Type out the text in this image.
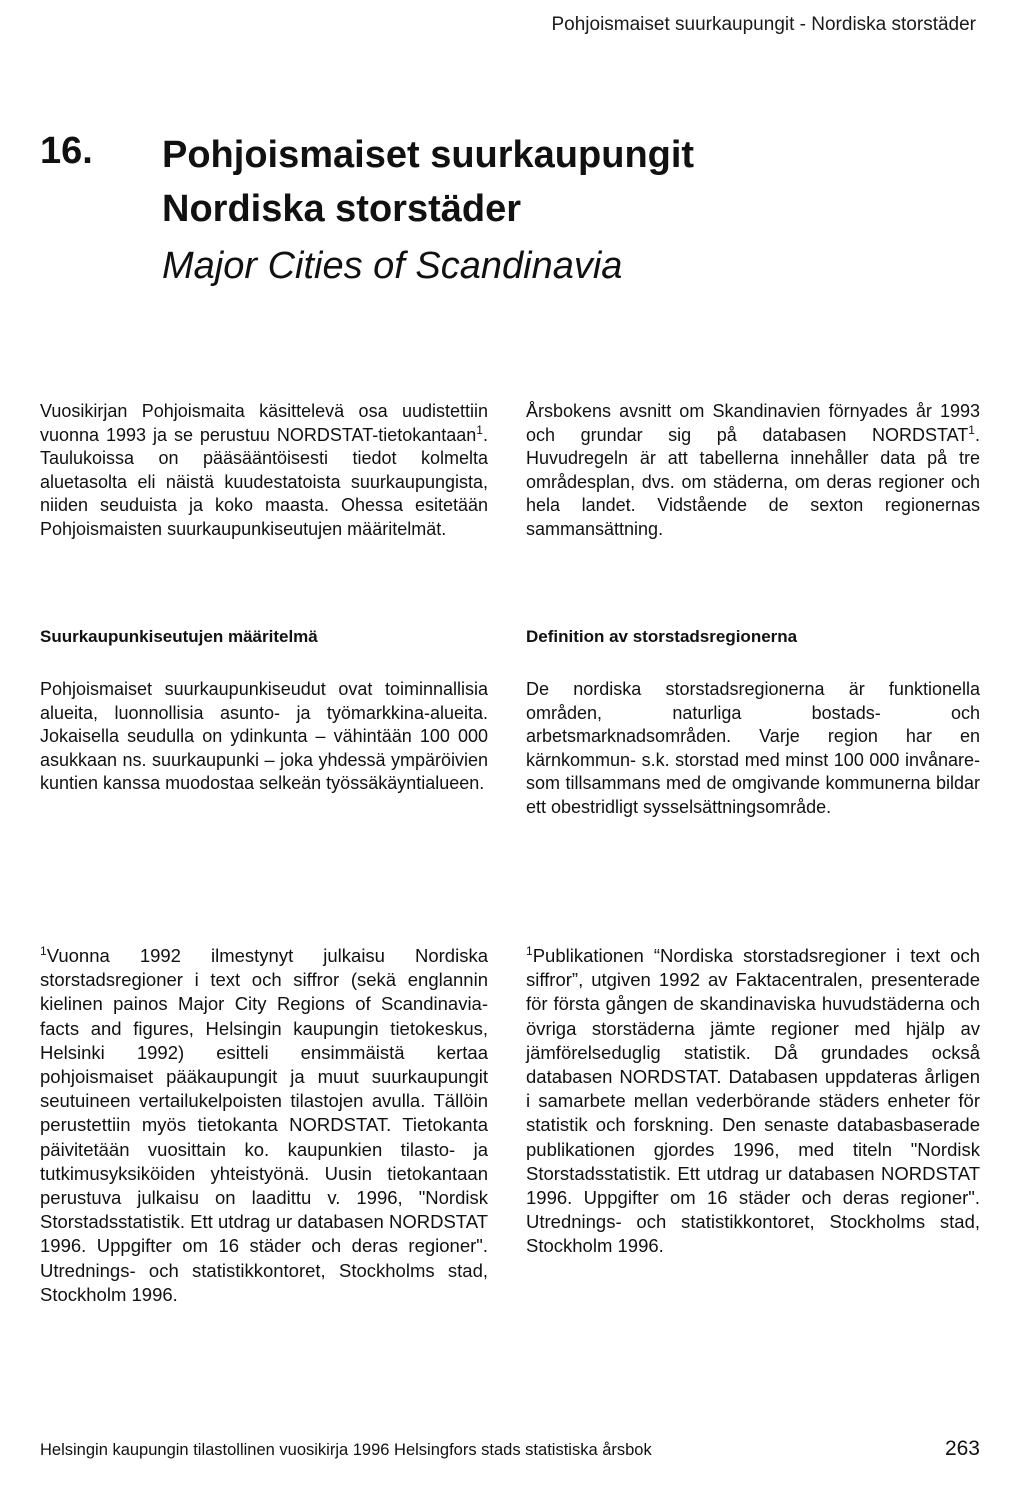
Pohjoismaiset suurkaupungit - Nordiska storstäder
16. Pohjoismaiset suurkaupungit
Nordiska storstäder
Major Cities of Scandinavia

Vuosikirjan Pohjoismaita käsittelevä osa uudistettiin vuonna 1993 ja se perustuu NORDSTAT-tietokantaan$^1$. Taulukoissa on pääsääntöisesti tiedot kolmelta aluetasolta eli näistä kuudestatoista suurkaupungista, niiden seuduista ja koko maasta. Ohessa esitetään Pohjoismaisten suurkaupunkiseutujen määritelmät.

Årsbokens avsnitt om Skandinavien förnyades år 1993 och grundar sig på databasen NORDSTAT$^1$. Huvudregeln är att tabellerna innehåller data på tre områdesplan, dvs. om städerna, om deras regioner och hela landet. Vidstående de sexton regionernas sammansättning.

Suurkaupunkiseutujen määritelmä

Pohjoismaiset suurkaupunkiseudut ovat toiminnallisia alueita, luonnollisia asunto- ja työmarkkina-alueita. Jokaisella seudulla on ydinkunta – vähintään 100 000 asukkaan ns. suurkaupunki – joka yhdessä ympäröivien kuntien kanssa muodostaa selkeän työssäkäyntialueen.

Definition av storstadsregionerna

De nordiska storstadsregionerna är funktionella områden, naturliga bostads- och arbetsmarknadsområden. Varje region har en kärnkommun- s.k. storstad med minst 100 000 invånare-som tillsammans med de omgivande kommunerna bildar ett obestridligt sysselsättningsområde.

$^1$Vuonna 1992 ilmestynyt julkaisu Nordiska storstadsregioner i text och siffror (sekä englannin kielinen painos Major City Regions of Scandinavia-facts and figures, Helsingin kaupungin tietokeskus, Helsinki 1992) esitteli ensimmäistä kertaa pohjoismaiset pääkaupungit ja muut suurkaupungit seutuineen vertailukelpoisten tilastojen avulla. Tällöin perustettiin myös tietokanta NORDSTAT. Tietokanta päivitetään vuosittain ko. kaupunkien tilasto- ja tutkimusyksiköiden yhteistyönä. Uusin tietokantaan perustuva julkaisu on laadittu v. 1996, "Nordisk Storstadsstatistik. Ett utdrag ur databasen NORDSTAT 1996. Uppgifter om 16 städer och deras regioner". Utrednings- och statistikkontoret, Stockholms stad, Stockholm 1996.

$^1$Publikationen “Nordiska storstadsregioner i text och siffror”, utgiven 1992 av Faktacentralen, presenterade för första gången de skandinaviska huvudstäderna och övriga storstäderna jämte regioner med hjälp av jämförelseduglig statistik. Då grundades också databasen NORDSTAT. Databasen uppdateras årligen i samarbete mellan vederbörande städers enheter för statistik och forskning. Den senaste databasbaserade publikationen gjordes 1996, med titeln "Nordisk Storstadsstatistik. Ett utdrag ur databasen NORDSTAT 1996. Uppgifter om 16 städer och deras regioner". Utrednings- och statistikkontoret, Stockholms stad, Stockholm 1996.

Helsingin kaupungin tilastollinen vuosikirja 1996 Helsingfors stads statistiska årsbok	263
